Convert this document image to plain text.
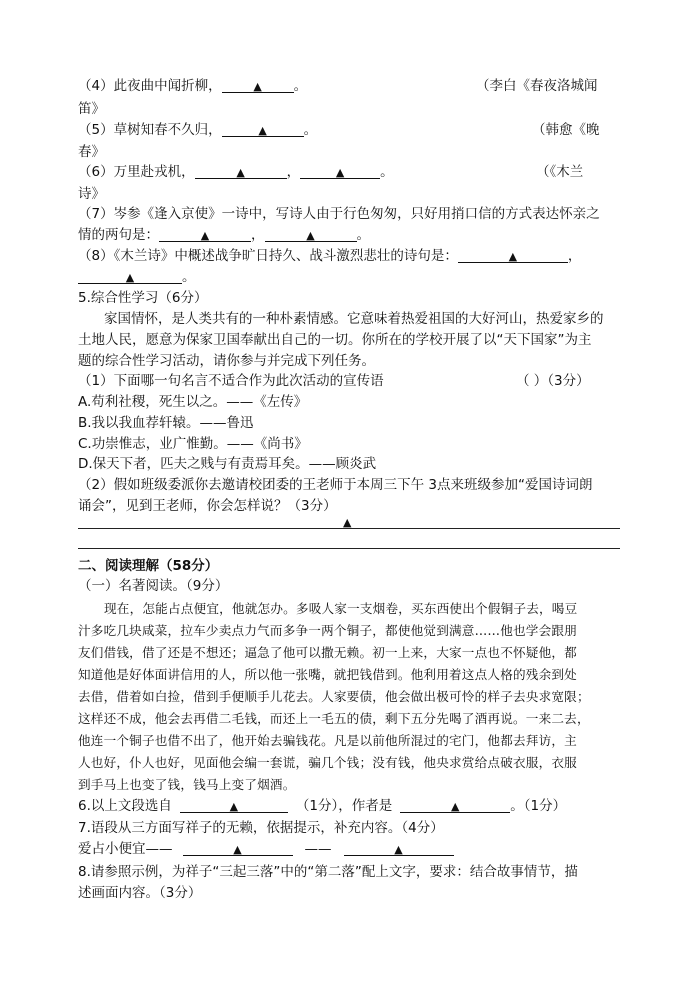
（4）此夜曲中闻折柳，	▲ 。	（李白《春夜洛城闻
笛》
（5）草树知春不久归，	▲	。	（韩愈《晚
春》
（6）万里赴戎机，	▲	，	▲	。	（《木兰
诗》
（7）岑参《逢入京使》一诗中，写诗人由于行色匆匆，只好用捎口信的方式表达怀亲之
情的两句是：	▲	，	▲	。
（8）《木兰诗》中概述战争旷日持久、战斗激烈悲壮的诗句是：	▲	，
▲	。
5.综合性学习（6分）
家国情怀，是人类共有的一种朴素情感。它意味着热爱祖国的大好河山，热爱家乡的
土地人民，愿意为保家卫国奉献出自己的一切。你所在的学校开展了以“天下国家”为主
题的综合性学习活动，请你参与并完成下列任务。
（1）下面哪一句名言不适合作为此次活动的宣传语	（ ）（3分）
A.苟利社稷，死生以之。——《左传》
B.我以我血荐轩辕。——鲁迅
C.功崇惟志，业广惟勤。——《尚书》
D.保天下者，匹夫之贱与有责焉耳矣。——顾炎武
（2）假如班级委派你去邀请校团委的王老师于本周三下午 3点来班级参加“爱国诗词朗
诵会”，见到王老师，你会怎样说？（3分）
▲
二、阅读理解（58分）
（一）名著阅读。（9分）
现在，怎能占点便宜，他就怎办。多吸人家一支烟卷，买东西使出个假铜子去，喝豆
汁多吃几块咸菜，拉车少卖点力气而多争一两个铜子，都使他觉到满意……他也学会跟朋
友们借钱，借了还是不想还；逼急了他可以撒无赖。初一上来，大家一点也不怀疑他，都
知道他是好体面讲信用的人，所以他一张嘴，就把钱借到。他利用着这点人格的残余到处
去借，借着如白捡，借到手便顺手儿花去。人家要债，他会做出极可怜的样子去央求宽限；
这样还不成，他会去再借二毛钱，而还上一毛五的债，剩下五分先喝了酒再说。一来二去，
他连一个铜子也借不出了，他开始去骗钱花。凡是以前他所混过的宅门，他都去拜访，主
人也好，仆人也好，见面他会编一套谎，骗几个钱；没有钱，他央求赏给点破衣服，衣服
到手马上也变了钱，钱马上变了烟酒。
6.以上文段选自	▲	（1分），作者是	▲	。（1分）
7.语段从三方面写祥子的无赖，依据提示，补充内容。（4分）
爱占小便宜——	▲	——	▲
8.请参照示例，为祥子“三起三落”中的“第二落”配上文字，要求：结合故事情节，描
述画面内容。（3分）
